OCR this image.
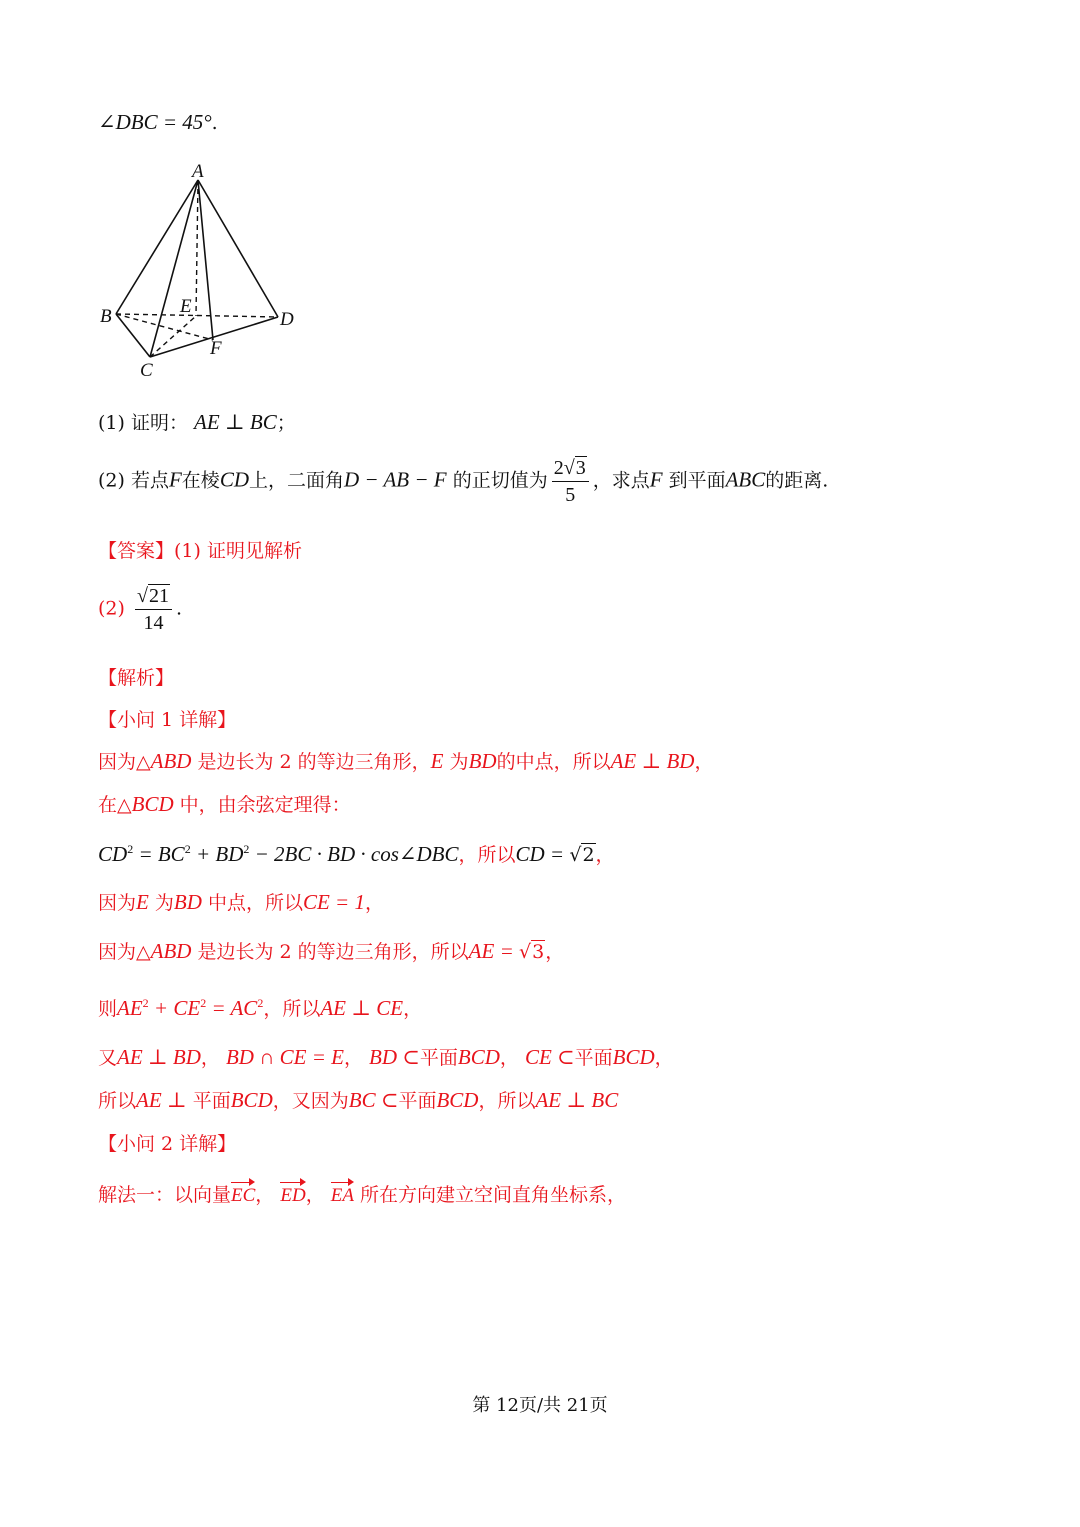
∠DBC = 45°.
A
B
C
D
E
F
(1) 证明： AE ⊥ BC；
(2) 若点F在棱CD上，二面角D − AB − F 的正切值为 $\frac{2√3}{5}$ ，求点F 到平面ABC的距离.
【答案】(1) 证明见解析
$(2) \frac{√21}{14}$ .
【解析】
【小问 1 详解】
因为△ABD 是边长为 2 的等边三角形，E 为BD的中点，所以AE ⊥ BD，
在△BCD 中，由余弦定理得：
$CD^2 = BC^2 + BD^2 - 2BC$ · BD · cos∠DBC，所以CD = √2，
因为E 为BD 中点，所以CE = 1，
因为△ABD 是边长为 2 的等边三角形，所以AE = √3，
则$AE^2 + CE^2 = AC^2$，所以AE ⊥ CE，
又AE ⊥ BD， BD ∩ CE = E， BD ⊂平面BCD， CE ⊂平面BCD，
所以AE ⊥ 平面BCD，又因为BC ⊂平面BCD，所以AE ⊥ BC
【小问 2 详解】
解法一：以向量EC， ED， EA 所在方向建立空间直角坐标系，
第 12页/共 21页
